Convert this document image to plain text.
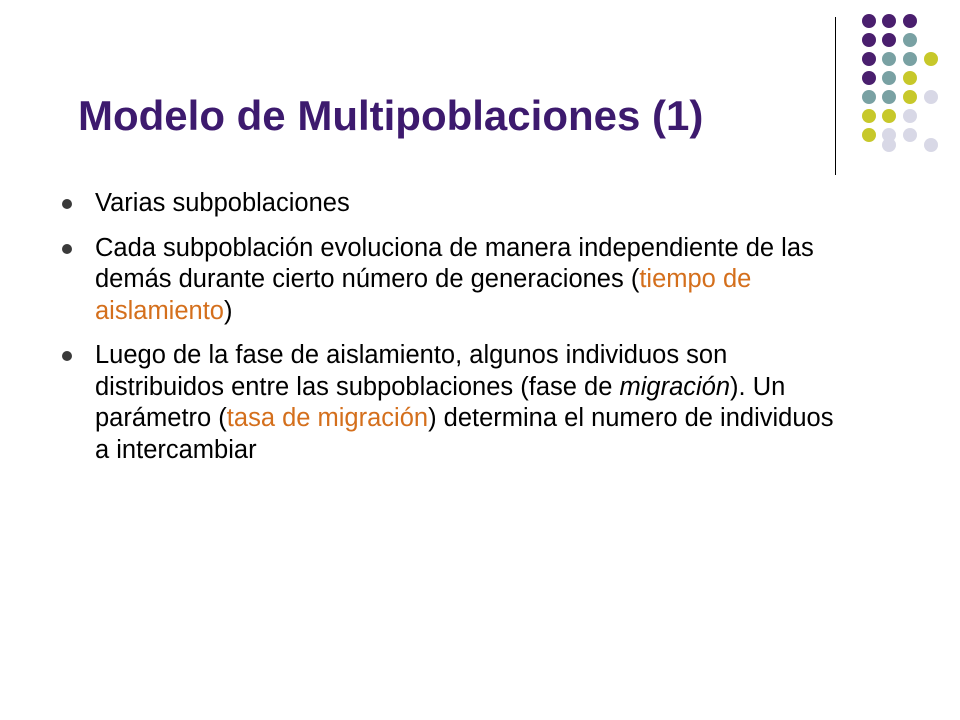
Modelo de Multipoblaciones (1)
Varias subpoblaciones
Cada subpoblación evoluciona de manera independiente de las demás durante cierto número de generaciones (tiempo de aislamiento)
Luego de la fase de aislamiento, algunos individuos son distribuidos entre las subpoblaciones (fase de migración). Un parámetro (tasa de migración) determina el numero de individuos a intercambiar
